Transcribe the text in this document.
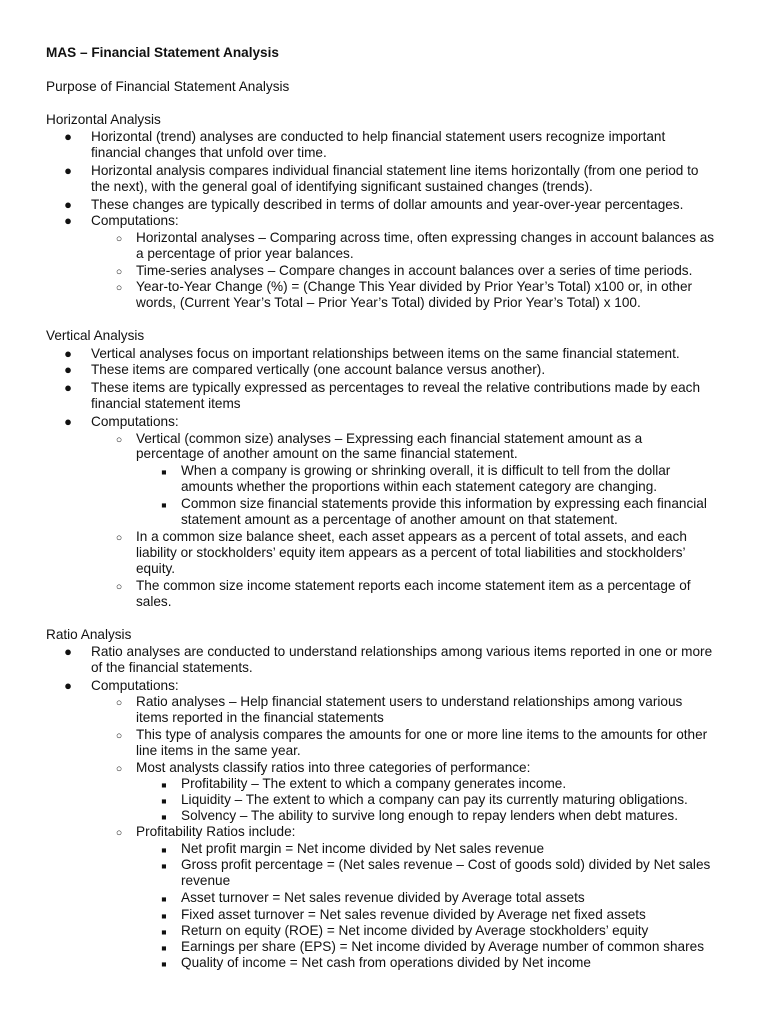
MAS – Financial Statement Analysis
Purpose of Financial Statement Analysis
Horizontal Analysis
● Horizontal (trend) analyses are conducted to help financial statement users recognize important
financial changes that unfold over time.
● Horizontal analysis compares individual financial statement line items horizontally (from one period to
the next), with the general goal of identifying significant sustained changes (trends).
● These changes are typically described in terms of dollar amounts and year-over-year percentages.
● Computations:
○ Horizontal analyses – Comparing across time, often expressing changes in account balances as
a percentage of prior year balances.
○ Time-series analyses – Compare changes in account balances over a series of time periods.
○ Year-to-Year Change (%) = (Change This Year divided by Prior Year’s Total) x100 or, in other
words, (Current Year’s Total – Prior Year’s Total) divided by Prior Year’s Total) x 100.
Vertical Analysis
● Vertical analyses focus on important relationships between items on the same financial statement.
● These items are compared vertically (one account balance versus another).
● These items are typically expressed as percentages to reveal the relative contributions made by each
financial statement items
● Computations:
○ Vertical (common size) analyses – Expressing each financial statement amount as a
percentage of another amount on the same financial statement.
■	When a company is growing or shrinking overall, it is difficult to tell from the dollar
amounts whether the proportions within each statement category are changing.
■	Common size financial statements provide this information by expressing each financial
statement amount as a percentage of another amount on that statement.
○ In a common size balance sheet, each asset appears as a percent of total assets, and each
liability or stockholders’ equity item appears as a percent of total liabilities and stockholders’
equity.
○ The common size income statement reports each income statement item as a percentage of
sales.
Ratio Analysis
● Ratio analyses are conducted to understand relationships among various items reported in one or more
of the financial statements.
● Computations:
○ Ratio analyses – Help financial statement users to understand relationships among various
items reported in the financial statements
○ This type of analysis compares the amounts for one or more line items to the amounts for other
line items in the same year.
○ Most analysts classify ratios into three categories of performance:
■	Profitability – The extent to which a company generates income.
■	Liquidity – The extent to which a company can pay its currently maturing obligations.
■	Solvency – The ability to survive long enough to repay lenders when debt matures.
○ Profitability Ratios include:
■	Net profit margin = Net income divided by Net sales revenue
■	Gross profit percentage = (Net sales revenue – Cost of goods sold) divided by Net sales
revenue
■	Asset turnover = Net sales revenue divided by Average total assets
■	Fixed asset turnover = Net sales revenue divided by Average net fixed assets
■	Return on equity (ROE) = Net income divided by Average stockholders’ equity
■	Earnings per share (EPS) = Net income divided by Average number of common shares
■	Quality of income = Net cash from operations divided by Net income
